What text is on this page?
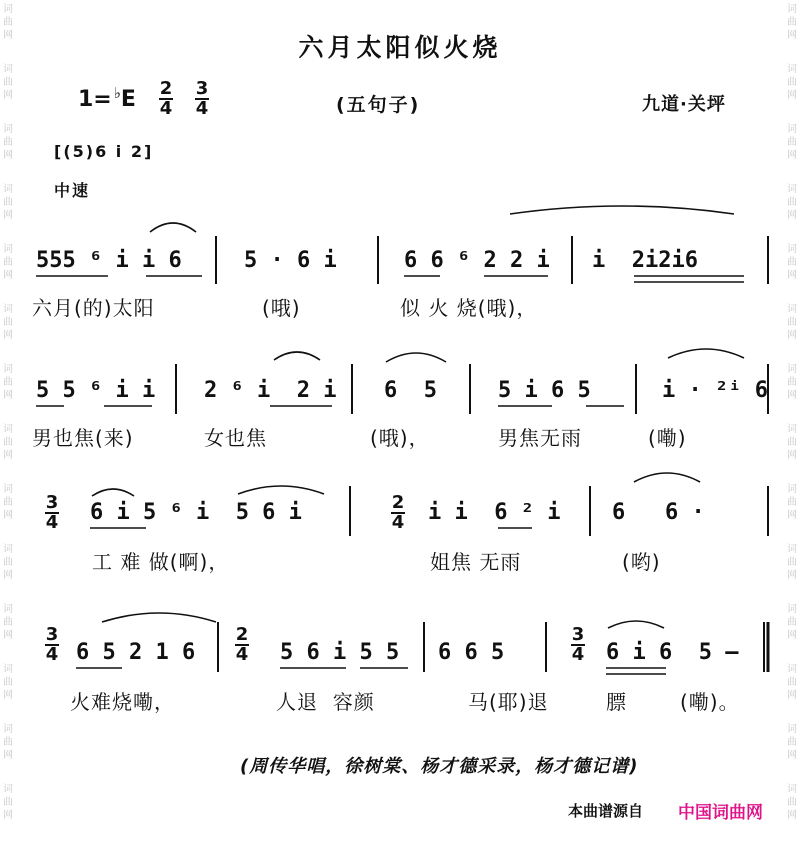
词
曲
网
词
曲
网
词
曲
网
词
曲
网
词
曲
网
词
曲
网
词
曲
网
词
曲
网
词
曲
网
词
曲
网
词
曲
网
词
曲
网
词
曲
网
词
曲
网
词
曲
网
词
曲
网
词
曲
网
词
曲
网
词
曲
网
词
曲
网
词
曲
网
词
曲
网
词
曲
网
词
曲
网
词
曲
网
词
曲
网
词
曲
网
词
曲
网
六月太阳似火烧
1= ♭E 2
4
3
4	(五句子)	九道·关坪
[(5)6 i 2]
中速
555 ⁶ i i 6	5 · 6 i	6 6 ⁶ 2 2 i i  2i2i6
六月(的)太阳	(哦)	似 火 烧(哦)，
5 5 ⁶ i i 2 ⁶ i  2 i 6  5	5 i 6 5	i · ²ⁱ 6
男也焦(来)	女也焦	(哦)，	男焦无雨	(嘞)
3
4 6 i 5 ⁶ i  5 6 i	2
4 i i  6 ² i 6   6 ·
工 难 做(啊)，	姐焦 无雨	(哟)
3
4 6 5 2 1 6
2
4 5 6 i 5 5 6 6 5
3
4 6 i 6  5 –
火难烧嘞，	人退  容颜	马(耶)退	膘	(嘞)。
(周传华唱，徐树棠、杨才德采录，杨才德记谱)
本曲谱源自 中国词曲网
